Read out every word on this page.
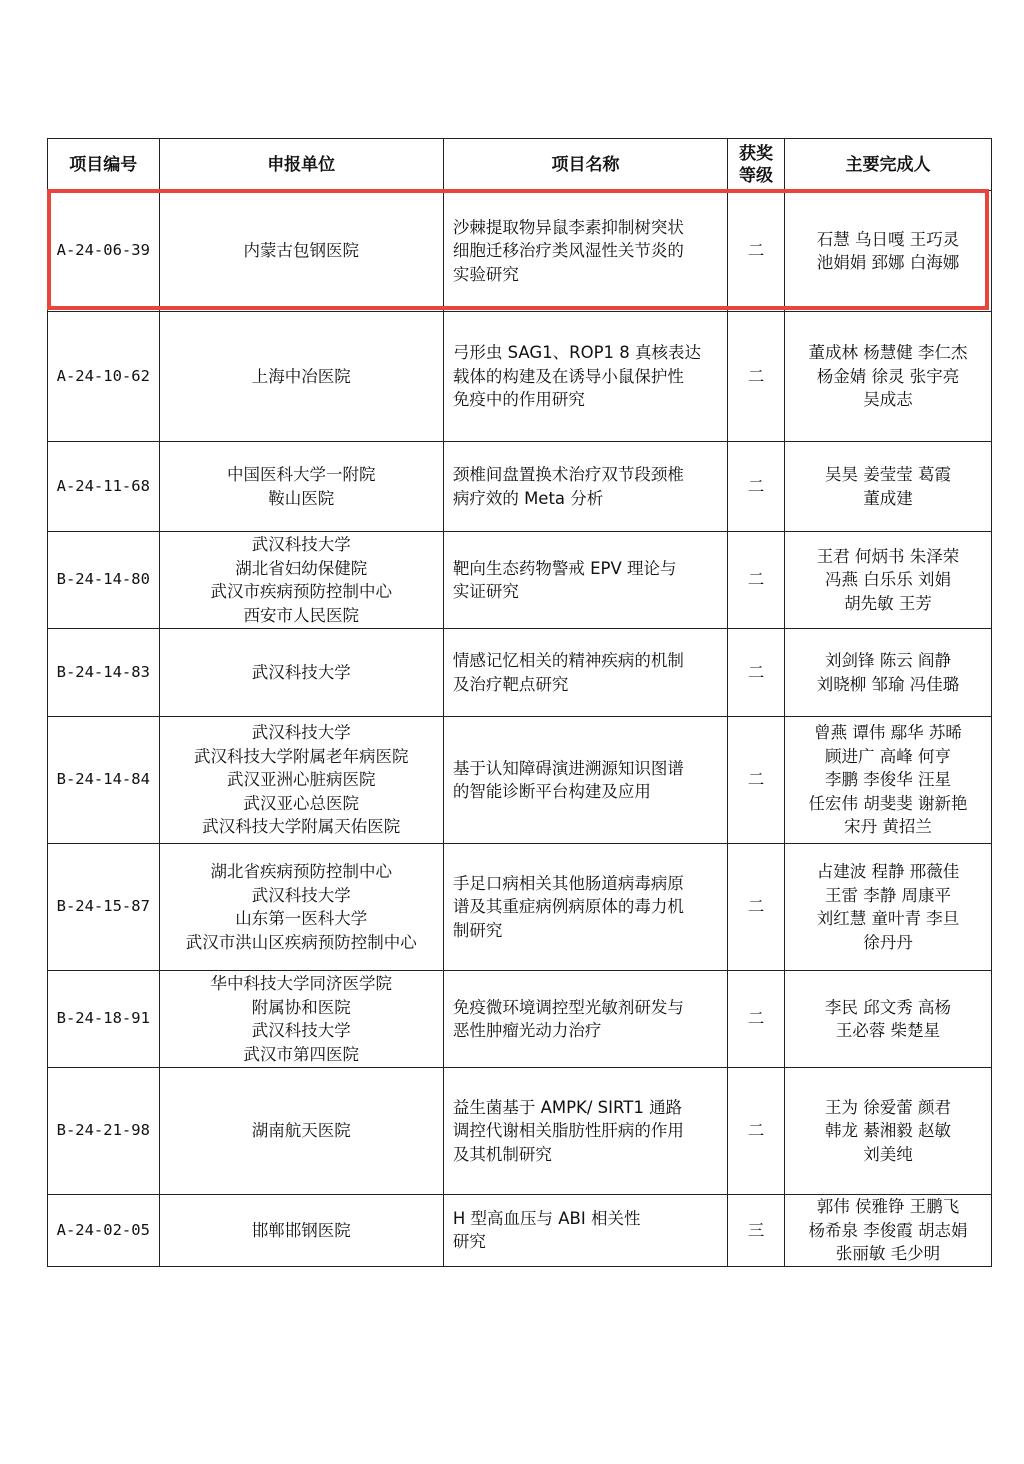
项目编号	申报单位	项目名称	获奖
等级	主要完成人
A-24-06-39	内蒙古包钢医院	沙棘提取物异鼠李素抑制树突状
细胞迁移治疗类风湿性关节炎的
实验研究	二	石慧 乌日嘎 王巧灵
池娟娟 郅娜 白海娜

A-24-10-62	上海中冶医院	弓形虫 SAG1、ROP1 8 真核表达
载体的构建及在诱导小鼠保护性
免疫中的作用研究	二	董成林 杨慧健 李仁杰
杨金婧 徐灵 张宇亮
吴成志

A-24-11-68	中国医科大学一附院
鞍山医院	颈椎间盘置换术治疗双节段颈椎
病疗效的 Meta 分析	二	吴昊 姜莹莹 葛霞
董成建

B-24-14-80	武汉科技大学
湖北省妇幼保健院
武汉市疾病预防控制中心
西安市人民医院	靶向生态药物警戒 EPV 理论与
实证研究	二	王君 何炳书 朱泽荣
冯燕 白乐乐 刘娟
胡先敏 王芳

B-24-14-83	武汉科技大学	情感记忆相关的精神疾病的机制
及治疗靶点研究	二	刘剑锋 陈云 阎静
刘晓柳 邹瑜 冯佳璐

B-24-14-84	武汉科技大学
武汉科技大学附属老年病医院
武汉亚洲心脏病医院
武汉亚心总医院
武汉科技大学附属天佑医院	基于认知障碍演进溯源知识图谱
的智能诊断平台构建及应用	二	曾燕 谭伟 鄢华 苏晞
顾进广 高峰 何亨
李鹏 李俊华 汪星
任宏伟 胡斐斐 谢新艳
宋丹 黄招兰

B-24-15-87	湖北省疾病预防控制中心
武汉科技大学
山东第一医科大学
武汉市洪山区疾病预防控制中心	手足口病相关其他肠道病毒病原
谱及其重症病例病原体的毒力机
制研究	二	占建波 程静 邢薇佳
王雷 李静 周康平
刘红慧 童叶青 李旦
徐丹丹

B-24-18-91	华中科技大学同济医学院
附属协和医院
武汉科技大学
武汉市第四医院	免疫微环境调控型光敏剂研发与
恶性肿瘤光动力治疗	二	李民 邱文秀 高杨
王必蓉 柴楚星

B-24-21-98	湖南航天医院	益生菌基于 AMPK/ SIRT1 通路
调控代谢相关脂肪性肝病的作用
及其机制研究	二	王为 徐爱蕾 颜君
韩龙 綦湘毅 赵敏
刘美纯

A-24-02-05	邯郸邯钢医院	H 型高血压与 ABI 相关性
研究	三	郭伟 侯雅铮 王鹏飞
杨希泉 李俊霞 胡志娟
张丽敏 毛少明
